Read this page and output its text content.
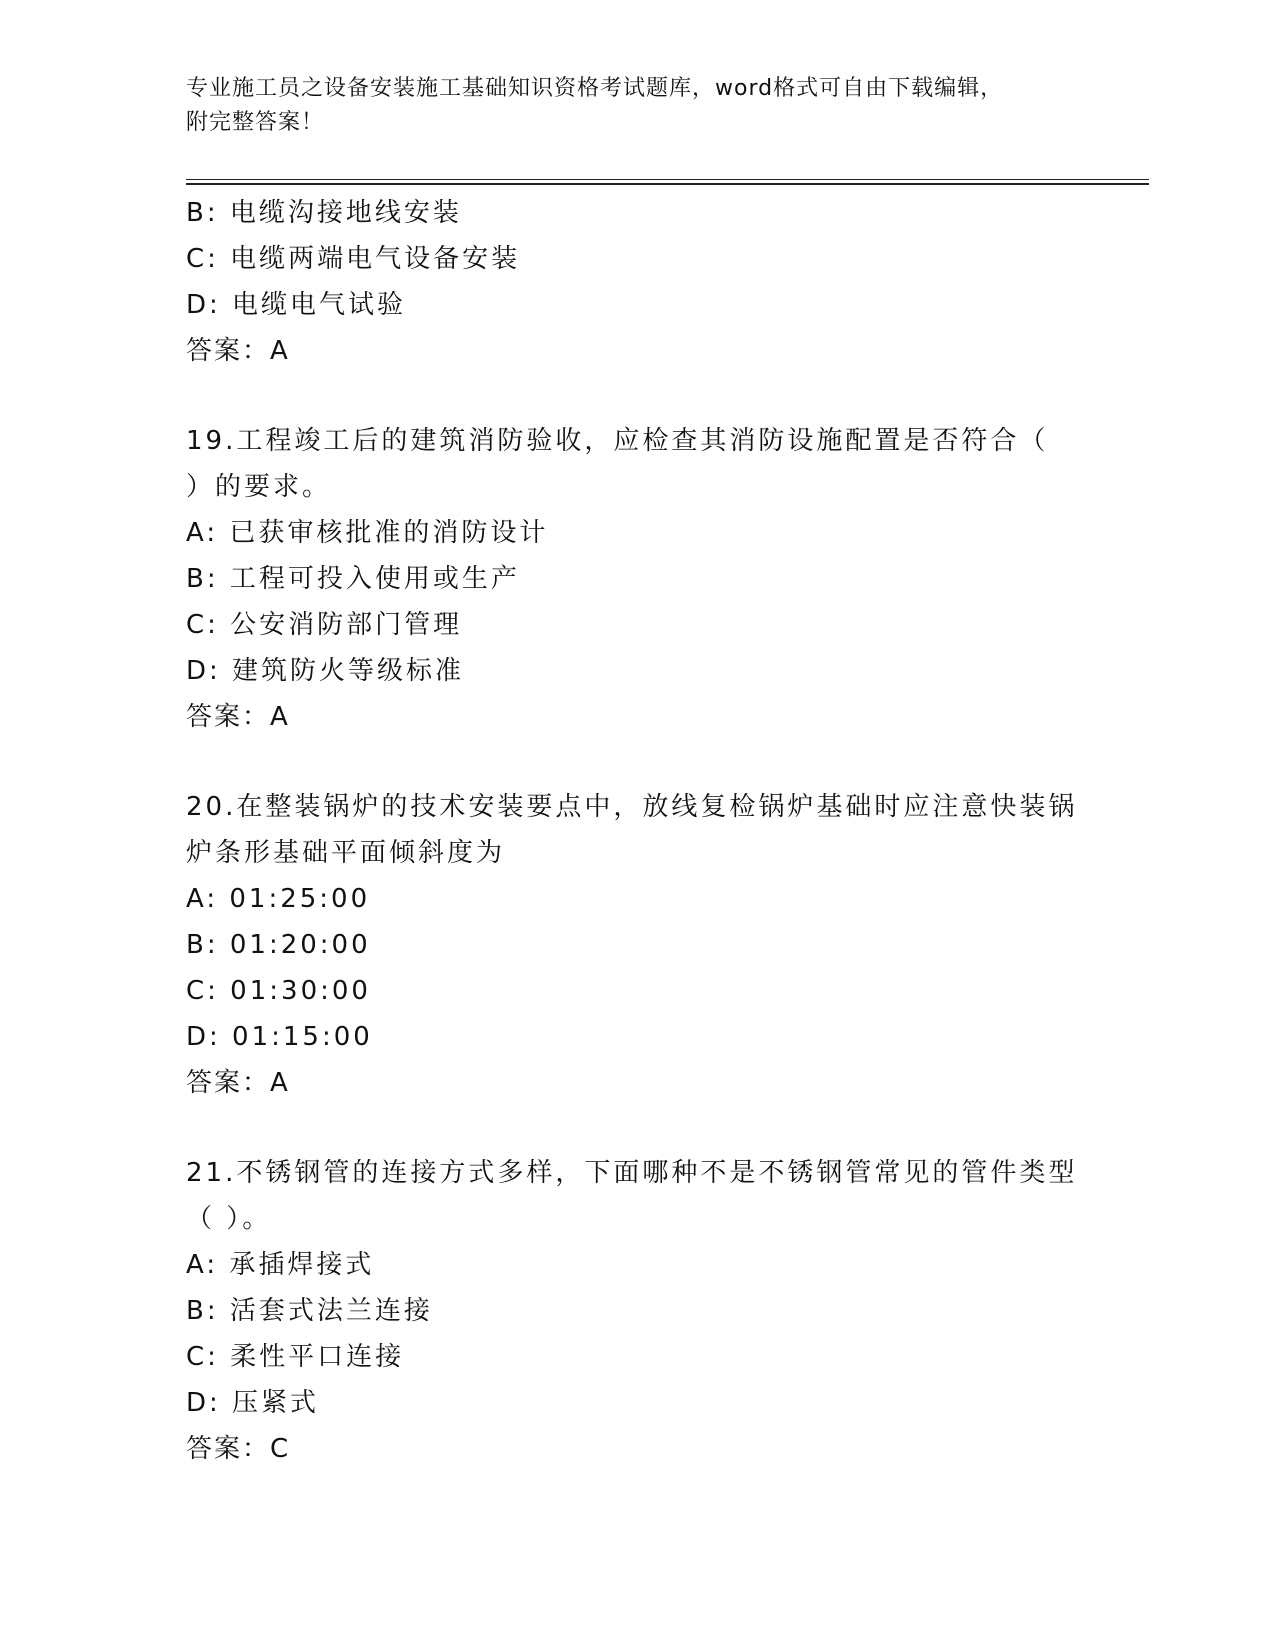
专业施工员之设备安装施工基础知识资格考试题库，word格式可自由下载编辑，
附完整答案！
B: 电缆沟接地线安装
C: 电缆两端电气设备安装
D: 电缆电气试验
答案：A
19.工程竣工后的建筑消防验收，应检查其消防设施配置是否符合（
）的要求。
A: 已获审核批准的消防设计
B: 工程可投入使用或生产
C: 公安消防部门管理
D: 建筑防火等级标准
答案：A
20.在整装锅炉的技术安装要点中，放线复检锅炉基础时应注意快装锅
炉条形基础平面倾斜度为
A: 01:25:00
B: 01:20:00
C: 01:30:00
D: 01:15:00
答案：A
21.不锈钢管的连接方式多样，下面哪种不是不锈钢管常见的管件类型
（ ）。
A: 承插焊接式
B: 活套式法兰连接
C: 柔性平口连接
D: 压紧式
答案：C
